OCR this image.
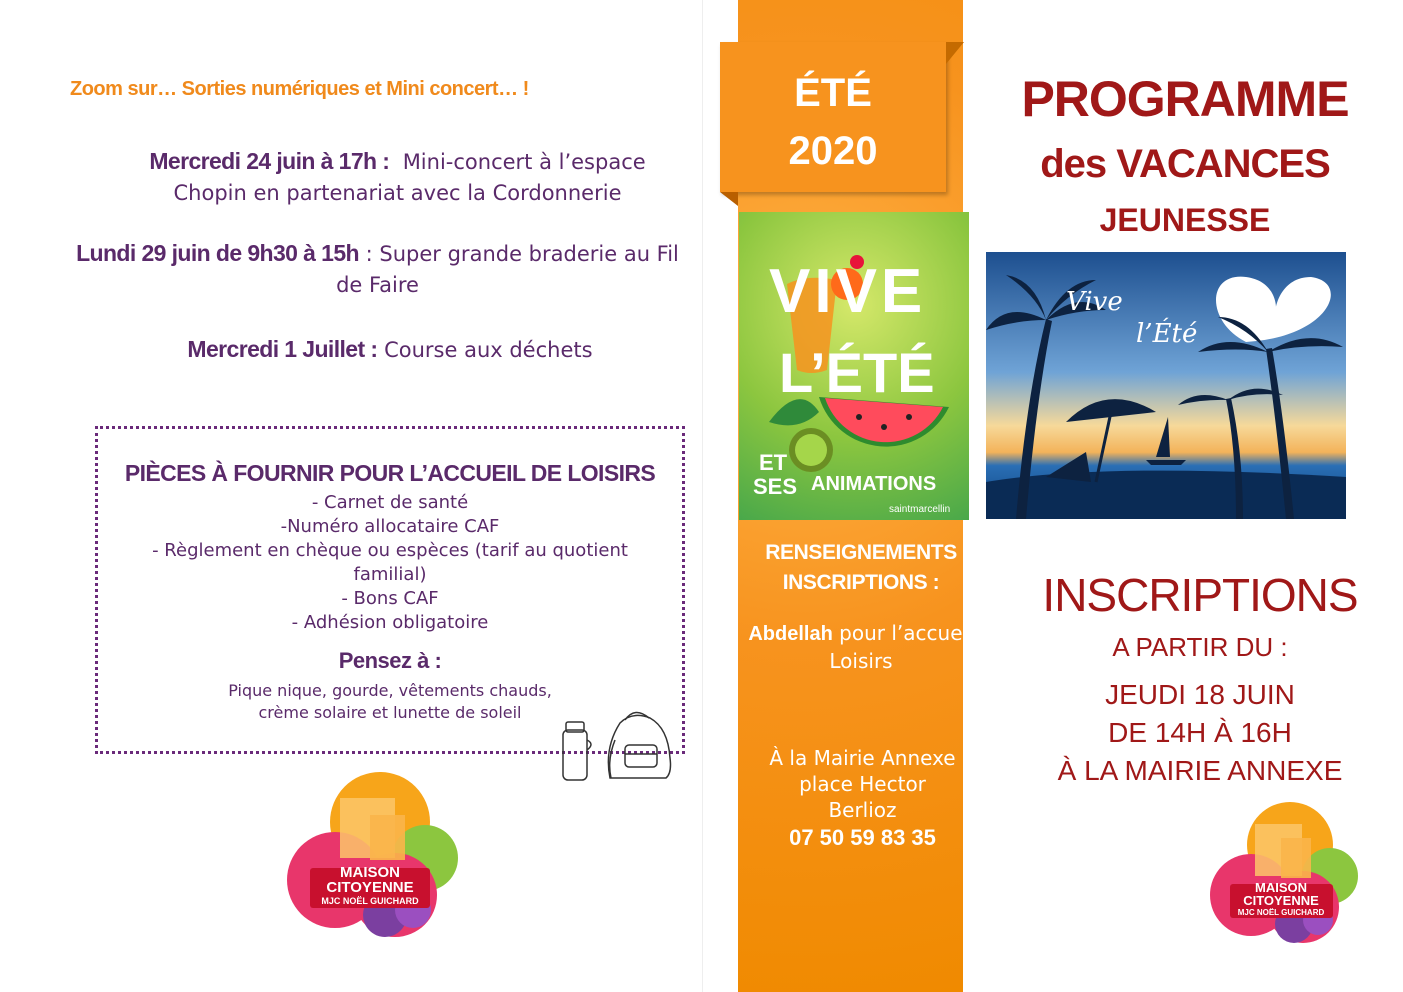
Zoom sur… Sorties numériques et Mini concert… !
Mercredi 24 juin à 17h : Mini-concert à l’espace Chopin en partenariat avec la Cordonnerie
Lundi 29 juin de 9h30 à 15h : Super grande braderie au Fil de Faire
Mercredi 1 Juillet : Course aux déchets
PIÈCES À FOURNIR POUR L’ACCUEIL DE LOISIRS
- Carnet de santé
-Numéro allocataire CAF
- Règlement en chèque ou espèces (tarif au quotient familial)
- Bons CAF
- Adhésion obligatoire
Pensez à :
Pique nique, gourde, vêtements chauds,
crème solaire et lunette de soleil
MAISON
CITOYENNE
MJC NOËL GUICHARD
ÉTÉ
2020
VIVE
L’ÉTÉ
ET
SES ANIMATIONS
saintmarcellin
RENSEIGNEMENTS
INSCRIPTIONS :
Abdellah pour l’accueil Loisirs
À la Mairie Annexe
place Hector
Berlioz
07 50 59 83 35
PROGRAMME
des VACANCES
JEUNESSE
Vive
l’Été
INSCRIPTIONS
A PARTIR DU :
JEUDI 18 JUIN
DE 14H À 16H
À LA MAIRIE ANNEXE
MAISON
CITOYENNE
MJC NOËL GUICHARD
